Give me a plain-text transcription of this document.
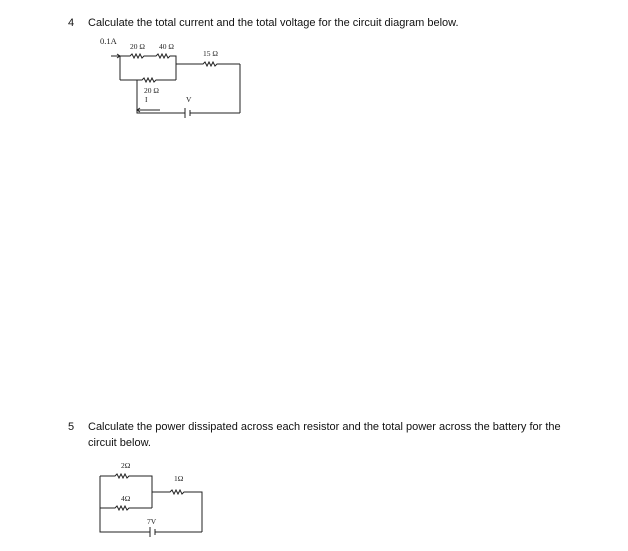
4 Calculate the total current and the total voltage for the circuit diagram below.
0.1A
20 Ω 40 Ω
15 Ω
20 Ω
I	V
5 Calculate the power dissipated across each resistor and the total power across the battery for the circuit below.
2Ω
4Ω
1Ω
7V
